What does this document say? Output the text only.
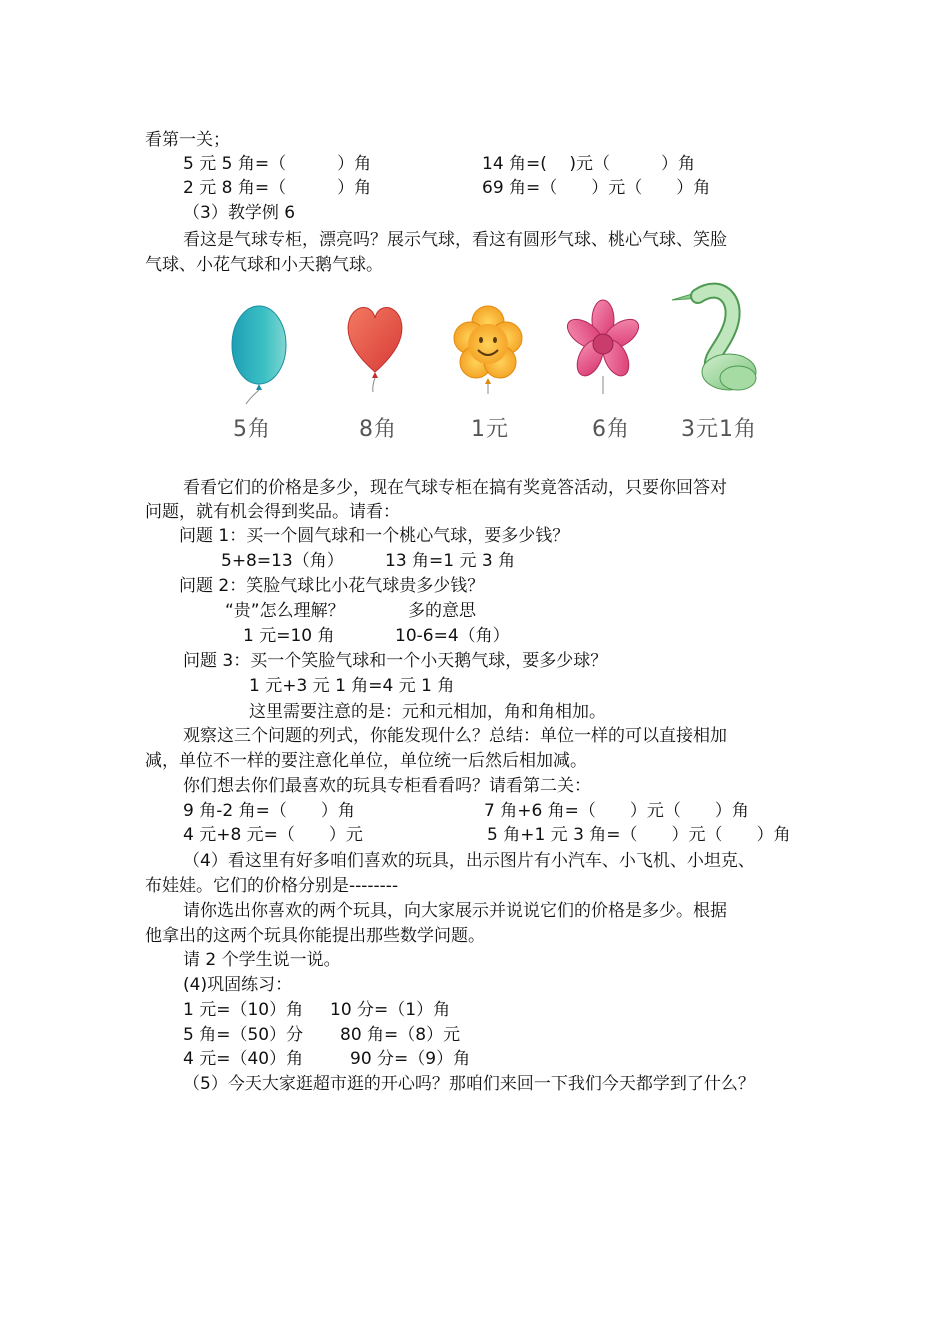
看第一关；
5 元 5 角=（　　　）角	14 角=(　 )元（　　　）角
2 元 8 角=（　　　）角	69 角=（　　）元（　　）角
（3）教学例 6
看这是气球专柜，漂亮吗？展示气球，看这有圆形气球、桃心气球、笑脸
气球、小花气球和小天鹅气球。
5角	8角	1元	6角 3元1角
看看它们的价格是多少，现在气球专柜在搞有奖竟答活动，只要你回答对
问题，就有机会得到奖品。请看：
问题 1：买一个圆气球和一个桃心气球，要多少钱？
5+8=13（角） 13 角=1 元 3 角
问题 2：笑脸气球比小花气球贵多少钱？
“贵”怎么理解？	多的意思
1 元=10 角	10-6=4（角）
问题 3：买一个笑脸气球和一个小天鹅气球，要多少球？
1 元+3 元 1 角=4 元 1 角
这里需要注意的是：元和元相加，角和角相加。
观察这三个问题的列式，你能发现什么？总结：单位一样的可以直接相加
减，单位不一样的要注意化单位，单位统一后然后相加减。
你们想去你们最喜欢的玩具专柜看看吗？请看第二关：
9 角-2 角=（　　）角	7 角+6 角=（　　）元（　　）角
4 元+8 元=（　　）元	5 角+1 元 3 角=（　　）元（　　）角
（4）看这里有好多咱们喜欢的玩具，出示图片有小汽车、小飞机、小坦克、
布娃娃。它们的价格分别是--------
请你选出你喜欢的两个玩具，向大家展示并说说它们的价格是多少。根据
他拿出的这两个玩具你能提出那些数学问题。
请 2 个学生说一说。
(4)巩固练习：
1 元=（10）角 10 分=（1）角
5 角=（50）分 80 角=（8）元
4 元=（40）角	90 分=（9）角
（5）今天大家逛超市逛的开心吗？那咱们来回一下我们今天都学到了什么？
